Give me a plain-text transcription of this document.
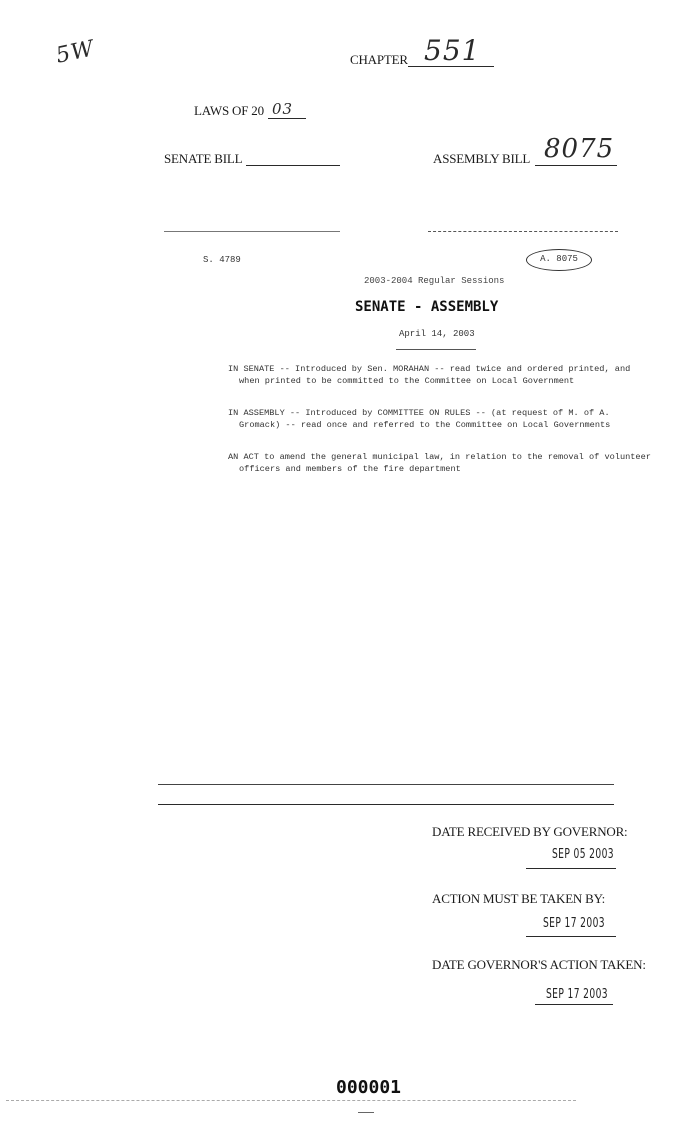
5W	CHAPTER 551
LAWS OF 20 03
SENATE BILL	ASSEMBLY BILL 8075
S. 4789	A. 8075
2003-2004 Regular Sessions
SENATE - ASSEMBLY
April 14, 2003
IN SENATE -- Introduced by Sen. MORAHAN -- read twice and ordered printed, and when printed to be committed to the Committee on Local Government
IN ASSEMBLY -- Introduced by COMMITTEE ON RULES -- (at request of M. of A. Gromack) -- read once and referred to the Committee on Local Governments
AN ACT to amend the general municipal law, in relation to the removal of volunteer officers and members of the fire department
DATE RECEIVED BY GOVERNOR:
SEP 05 2003
ACTION MUST BE TAKEN BY:
SEP 17 2003
DATE GOVERNOR'S ACTION TAKEN:
SEP 17 2003
000001
